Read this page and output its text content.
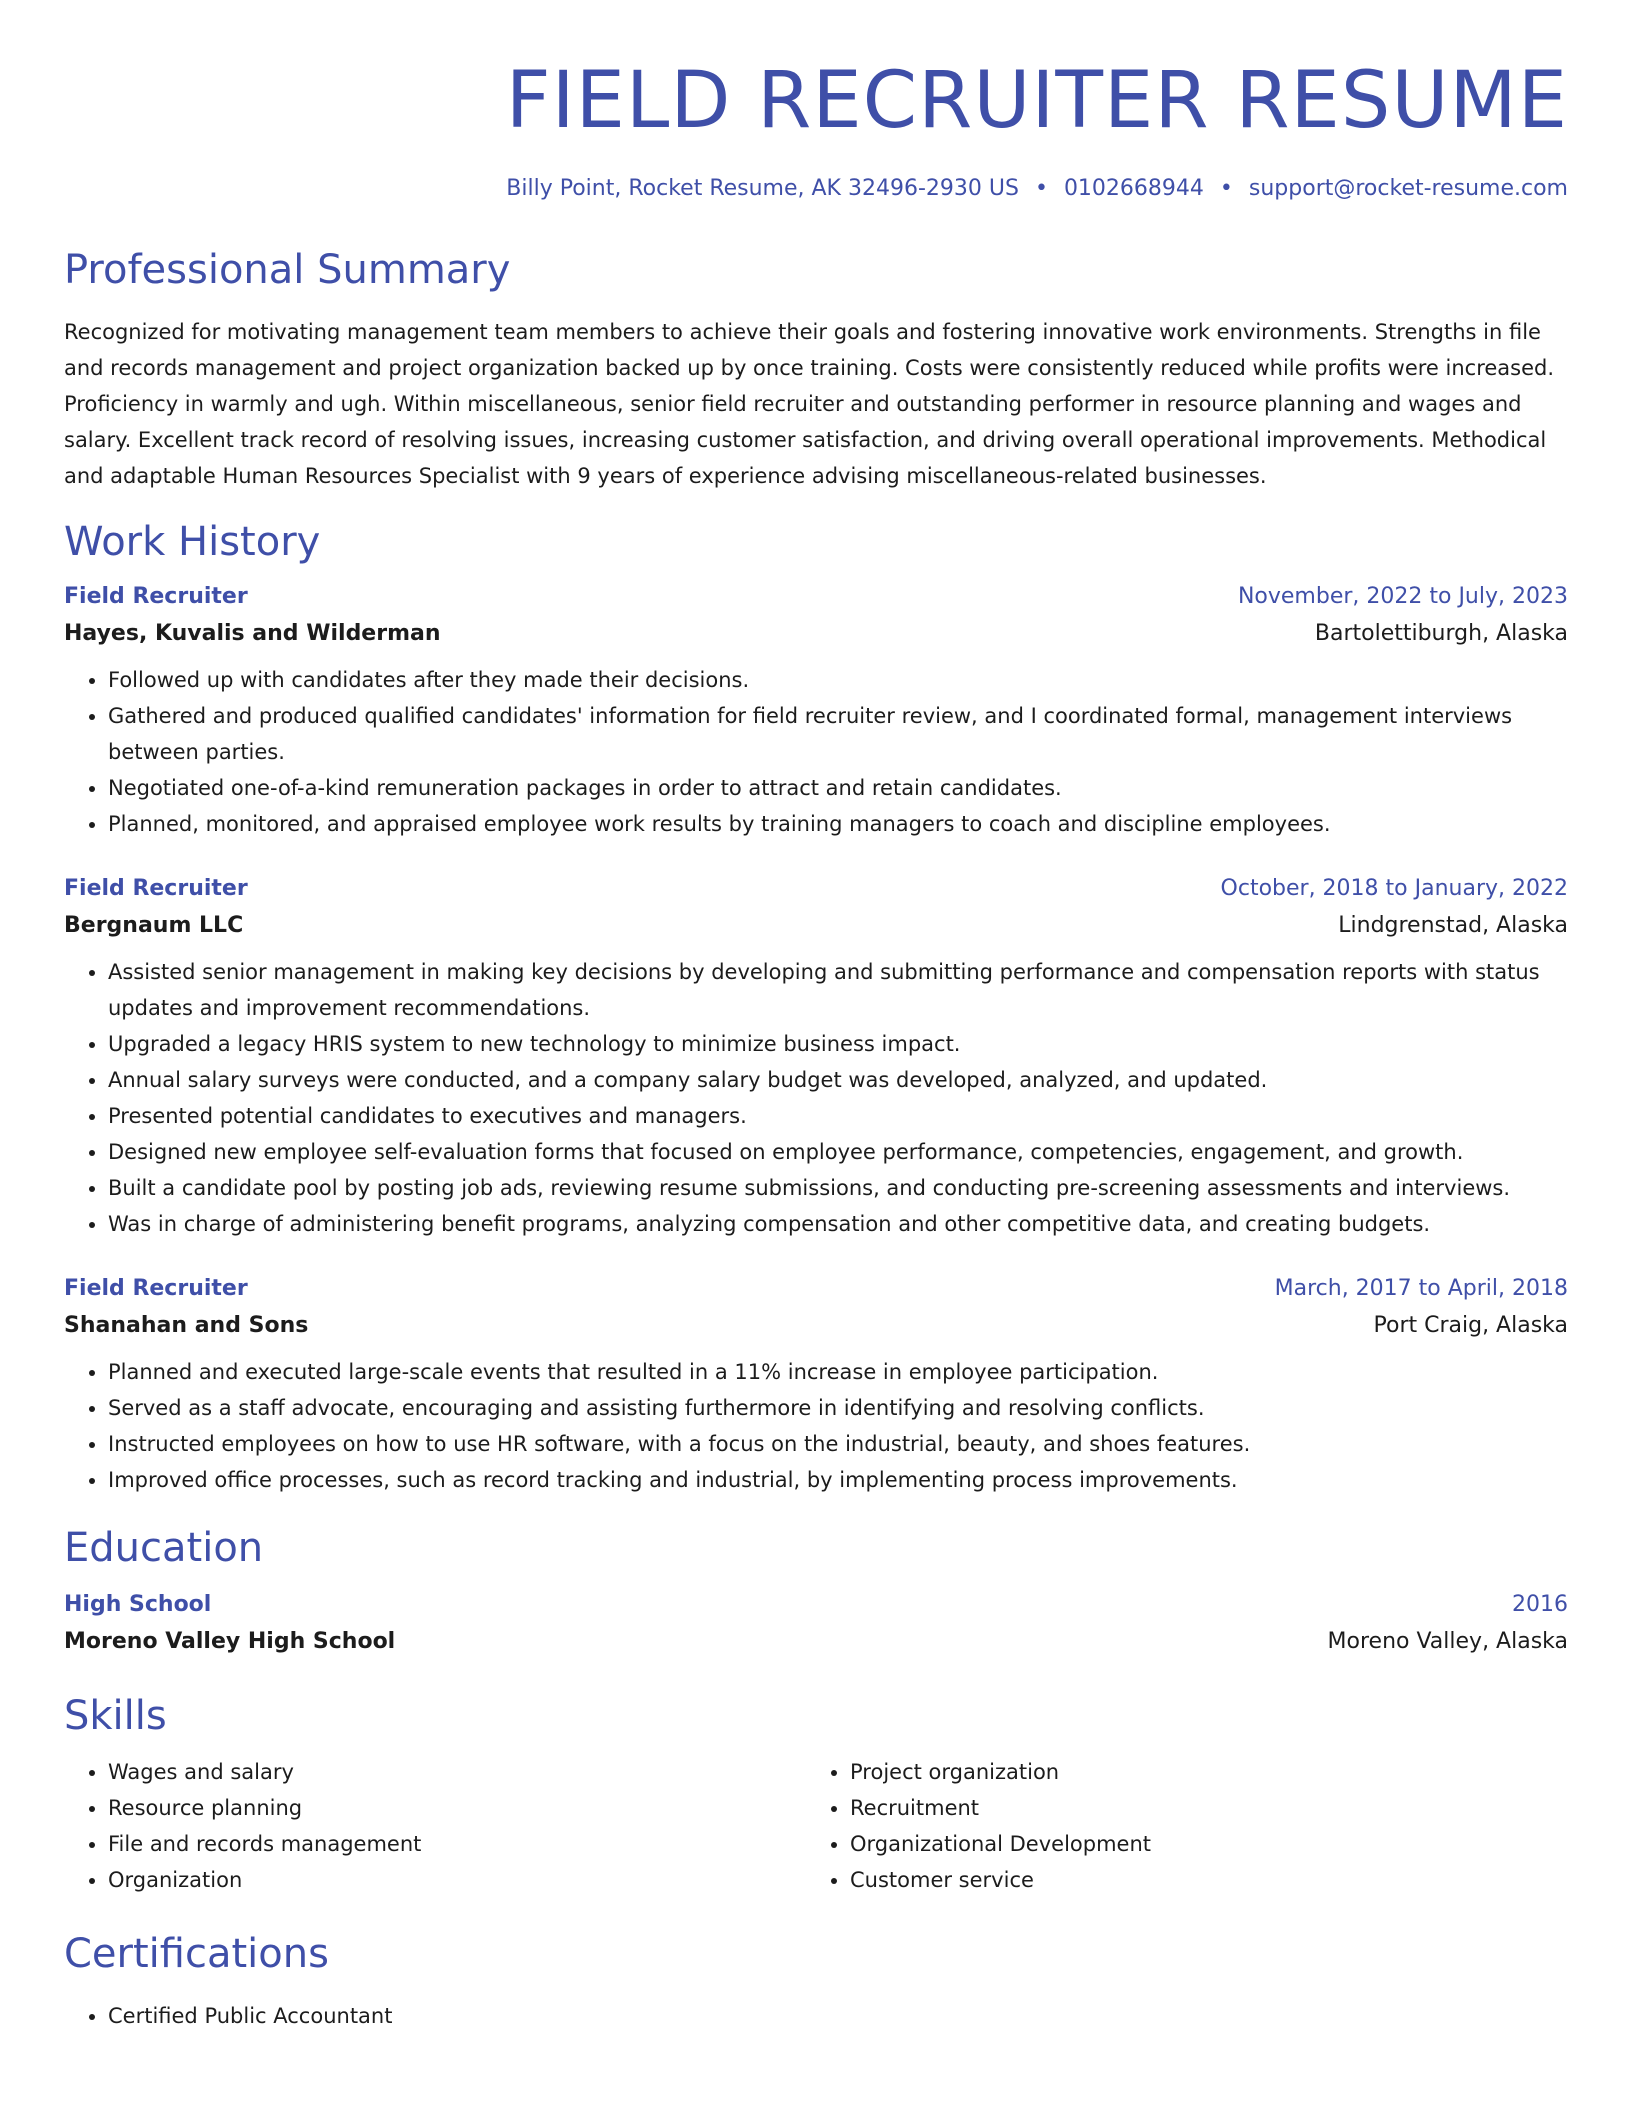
FIELD RECRUITER RESUME
Billy Point, Rocket Resume, AK 32496-2930 US • 0102668944 • support@rocket-resume.com
Professional Summary
Recognized for motivating management team members to achieve their goals and fostering innovative work environments. Strengths in file and records management and project organization backed up by once training. Costs were consistently reduced while profits were increased. Proficiency in warmly and ugh. Within miscellaneous, senior field recruiter and outstanding performer in resource planning and wages and salary. Excellent track record of resolving issues, increasing customer satisfaction, and driving overall operational improvements. Methodical and adaptable Human Resources Specialist with 9 years of experience advising miscellaneous-related businesses.
Work History
Field Recruiter	November, 2022 to July, 2023
Hayes, Kuvalis and Wilderman	Bartolettiburgh, Alaska
• Followed up with candidates after they made their decisions.
• Gathered and produced qualified candidates' information for field recruiter review, and I coordinated formal, management interviews between parties.
• Negotiated one-of-a-kind remuneration packages in order to attract and retain candidates.
• Planned, monitored, and appraised employee work results by training managers to coach and discipline employees.
Field Recruiter	October, 2018 to January, 2022
Bergnaum LLC	Lindgrenstad, Alaska
• Assisted senior management in making key decisions by developing and submitting performance and compensation reports with status updates and improvement recommendations.
• Upgraded a legacy HRIS system to new technology to minimize business impact.
• Annual salary surveys were conducted, and a company salary budget was developed, analyzed, and updated.
• Presented potential candidates to executives and managers.
• Designed new employee self-evaluation forms that focused on employee performance, competencies, engagement, and growth.
• Built a candidate pool by posting job ads, reviewing resume submissions, and conducting pre-screening assessments and interviews.
• Was in charge of administering benefit programs, analyzing compensation and other competitive data, and creating budgets.
Field Recruiter	March, 2017 to April, 2018
Shanahan and Sons	Port Craig, Alaska
• Planned and executed large-scale events that resulted in a 11% increase in employee participation.
• Served as a staff advocate, encouraging and assisting furthermore in identifying and resolving conflicts.
• Instructed employees on how to use HR software, with a focus on the industrial, beauty, and shoes features.
• Improved office processes, such as record tracking and industrial, by implementing process improvements.
Education
High School	2016
Moreno Valley High School	Moreno Valley, Alaska
Skills
• Wages and salary
• Resource planning
• File and records management
• Organization
• Project organization
• Recruitment
• Organizational Development
• Customer service
Certifications
• Certified Public Accountant
